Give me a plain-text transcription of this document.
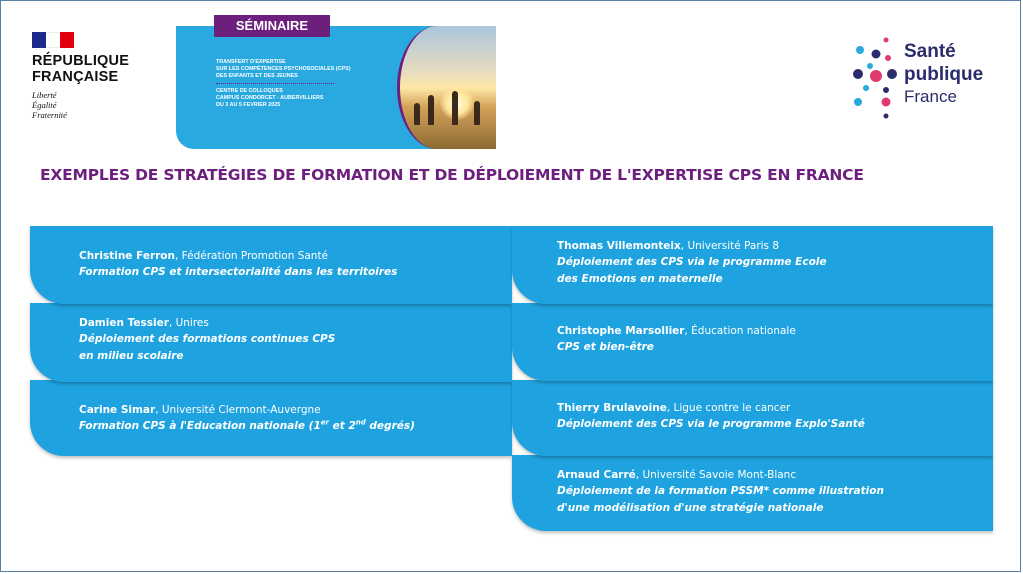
RÉPUBLIQUE
FRANÇAISE
Liberté
Égalité
Fraternité
TRANSFERT D'EXPERTISE
SUR LES COMPÉTENCES PSYCHOSOCIALES (CPS)
DES ENFANTS ET DES JEUNES
CENTRE DE COLLOQUES
CAMPUS CONDORCET - AUBERVILLIERS
DU 3 AU 5 FEVRIER 2025
SÉMINAIRE
Santé
publique
France
EXEMPLES DE STRATÉGIES DE FORMATION ET DE DÉPLOIEMENT DE L'EXPERTISE CPS EN FRANCE
Carine Simar, Université Clermont-Auvergne
Formation CPS à l'Education nationale (1er et 2nd degrés)
Damien Tessier, Unires
Déploiement des formations continues CPS
en milieu scolaire
Christine Ferron, Fédération Promotion Santé
Formation CPS et intersectorialité dans les territoires
Arnaud Carré, Université Savoie Mont-Blanc
Déploiement de la formation PSSM* comme illustration
d'une modélisation d'une stratégie nationale
Thierry Brulavoine, Ligue contre le cancer
Déploiement des CPS via le programme Explo'Santé
Christophe Marsollier, Éducation nationale
CPS et bien-être
Thomas Villemonteix, Université Paris 8
Déploiement des CPS via le programme Ecole
des Emotions en maternelle
